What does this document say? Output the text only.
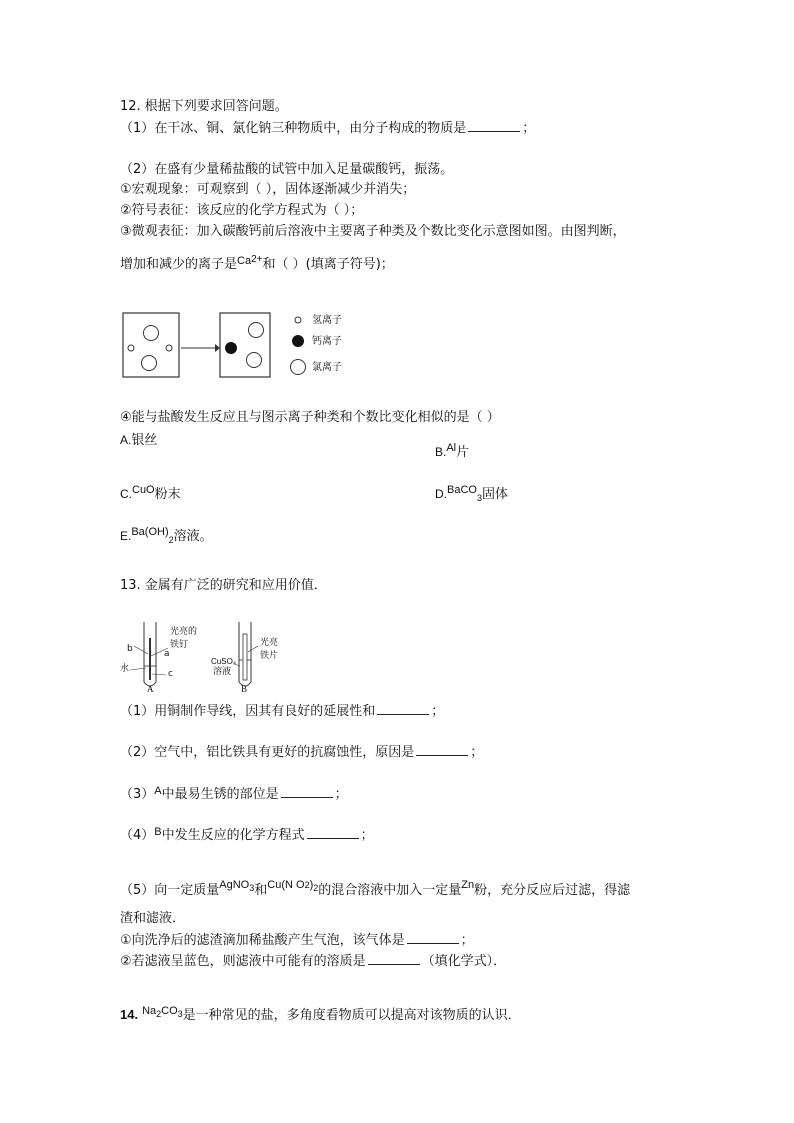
12. 根据下列要求回答问题。
（1）在干冰、铜、氯化钠三种物质中，由分子构成的物质是	；
（2）在盛有少量稀盐酸的试管中加入足量碳酸钙，振荡。
①宏观现象：可观察到（ ），固体逐渐减少并消失；
②符号表征：该反应的化学方程式为（ ）；
③微观表征：加入碳酸钙前后溶液中主要离子种类及个数比变化示意图如图。由图判断，
增加和减少的离子是$^{Ca2+}$和（ ）(填离子符号)；
氢离子
钙离子
氯离子
④能与盐酸发生反应且与图示离子种类和个数比变化相似的是（ ）
A.银丝
B.$^{Al}$片
C.$^{CuO}$粉末	D.$^{BaCO}_3$固体
E.$^{Ba(OH)}_2$溶液。
13. 金属有广泛的研究和应用价值．
b
光亮的
铁钉
a
水	c
A
光亮
铁片
CuSO₄
溶液
B
（1）用铜制作导线，因其有良好的延展性和	；
（2）空气中，铝比铁具有更好的抗腐蚀性，原因是	；
$(3)^A$中最易生锈的部位是	；
$(4)^B$中发生反应的化学方程式	；
（5）向一定质量$^{AgNO3}$和$^{Cu(N O2)2}$的混合溶液中加入一定量$^{Zn}$粉，充分反应后过滤，得滤
渣和滤液．
①向洗净后的滤渣滴加稀盐酸产生气泡，该气体是	；
②若滤液呈蓝色，则滤液中可能有的溶质是	（填化学式）．
14. $^{Na}2^{CO}3$是一种常见的盐，多角度看物质可以提高对该物质的认识．
